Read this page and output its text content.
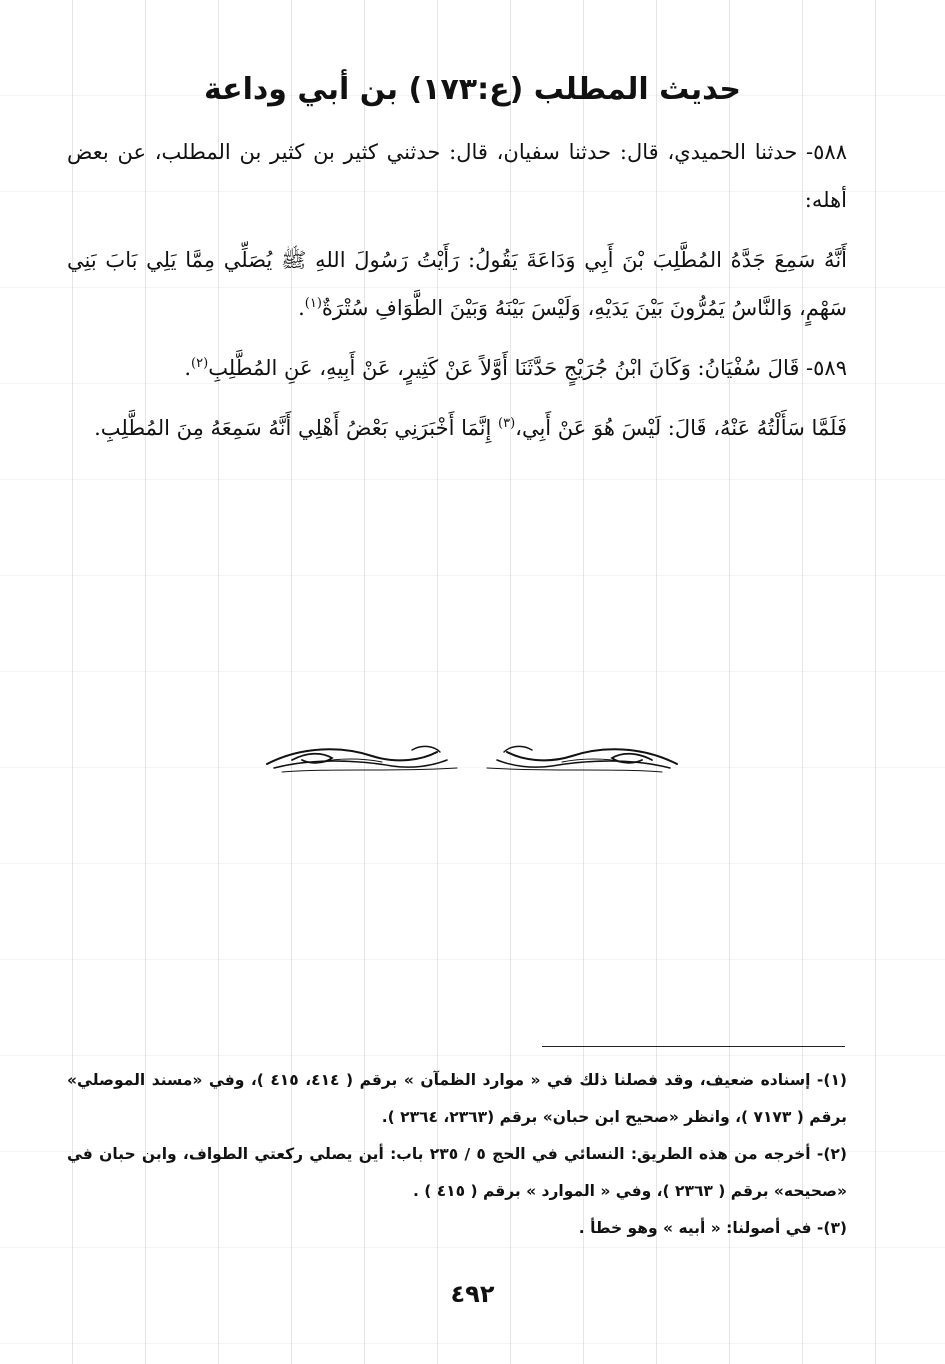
حديث المطلب (ع:١٧٣) بن أبي وداعة

٥٨٨- حدثنا الحميدي، قال: حدثنا سفيان، قال: حدثني كثير بن كثير بن المطلب، عن بعض أهله:

أَنَّهُ سَمِعَ جَدَّهُ المُطَّلِبَ بْنَ أَبِي وَدَاعَةَ يَقُولُ: رَأَيْتُ رَسُولَ اللهِ ﷺ يُصَلِّي مِمَّا يَلِي بَابَ بَنِي سَهْمٍ، وَالنَّاسُ يَمُرُّونَ بَيْنَ يَدَيْهِ، وَلَيْسَ بَيْنَهُ وَبَيْنَ الطَّوَافِ سُتْرَةٌ$^{(١)}$.

٥٨٩- قَالَ سُفْيَانُ: وَكَانَ ابْنُ جُرَيْجٍ حَدَّثَنَا أَوَّلاً عَنْ كَثِيرٍ، عَنْ أَبِيهِ، عَنِ المُطَّلِبِ$^{(٢)}$.

فَلَمَّا سَأَلْتُهُ عَنْهُ، قَالَ: لَيْسَ هُوَ عَنْ أَبِي،$^{(٣)}$ إِنَّمَا أَخْبَرَنِي بَعْضُ أَهْلِي أَنَّهُ سَمِعَهُ مِنَ المُطَّلِبِ.

(١)- إسناده ضعيف، وقد فصلنا ذلك في « موارد الظمآن » برقم ( ٤١٤، ٤١٥ )، وفي «مسند الموصلي» برقم ( ٧١٧٣ )، وانظر «صحيح ابن حبان» برقم (٢٣٦٣، ٢٣٦٤ ).

(٢)- أخرجه من هذه الطريق: النسائي في الحج ٥ / ٢٣٥ باب: أين يصلي ركعتي الطواف، وابن حبان في «صحيحه» برقم ( ٢٣٦٣ )، وفي « الموارد » برقم ( ٤١٥ ) .

(٣)- في أصولنا: « أبيه » وهو خطأ .

٤٩٢
